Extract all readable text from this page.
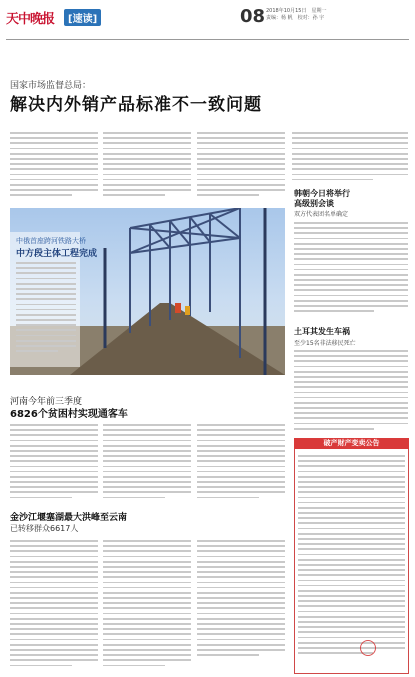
天中晚报	[速读]	08 2018年10月15日　星期一
责编：杨 帆　校对：孙 宇
国家市场监督总局：
解决内外销产品标准不一致问题
中俄首座跨河铁路大桥
中方段主体工程完成
韩朝今日将举行
高级别会谈
双方代表团名单确定
土耳其发生车祸
至少15名非法移民死亡
河南今年前三季度
6826个贫困村实现通客车
金沙江堰塞湖最大洪峰至云南
已转移群众6617人
破产财产变卖公告
